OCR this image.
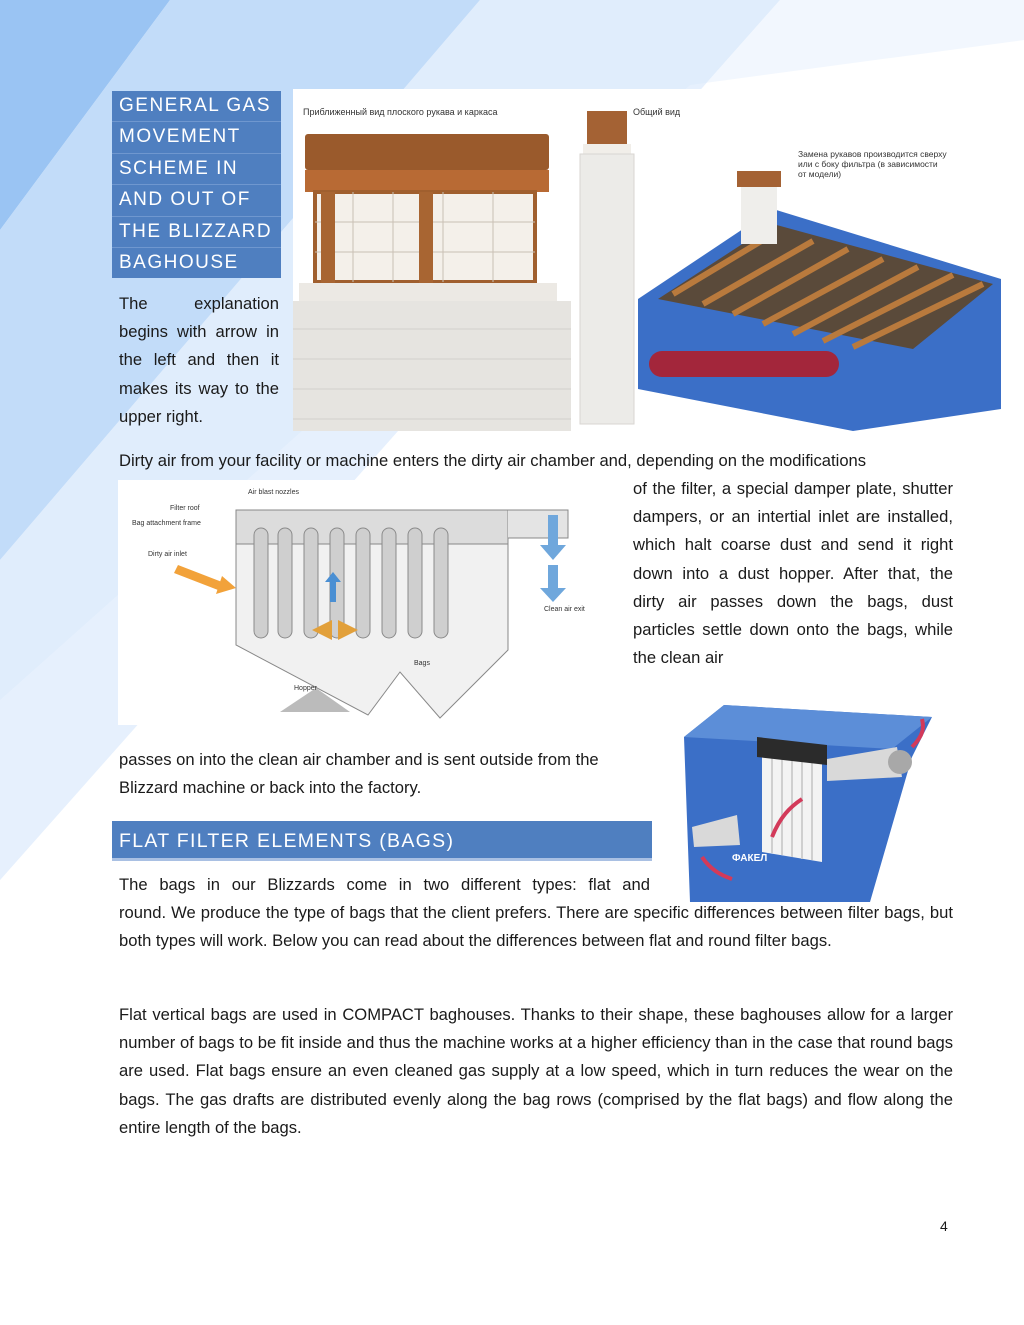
GENERAL GAS
MOVEMENT
SCHEME IN
AND OUT OF
THE BLIZZARD
BAGHOUSE
The explanation begins with arrow in the left and then it makes its way to the upper right.
Приближенный вид плоского рукава и каркаса	Общий вид
Замена рукавов производится сверху или с боку фильтра (в зависимости от модели)
Dirty air from your facility or machine enters the dirty air chamber and, depending on the modifications
Air blast nozzles
Filter roof
Bag attachment frame
Dirty air inlet
Clean air exit
Bags
Hopper
of the filter, a special damper plate, shutter dampers, or an intertial inlet are installed, which halt coarse dust and send it right down into a dust hopper. After that, the dirty air passes down the bags, dust particles settle down onto the bags, while the clean air
passes on into the clean air chamber and is sent outside from the Blizzard machine or back into the factory.
ФАКЕЛ
FLAT FILTER ELEMENTS (BAGS)
The bags in our Blizzards come in two different types: flat and
round. We produce the type of bags that the client prefers. There are specific differences between filter bags, but both types will work. Below you can read about the differences between flat and round filter bags.
Flat vertical bags are used in COMPACT baghouses. Thanks to their shape, these baghouses allow for a larger number of bags to be fit inside and thus the machine works at a higher efficiency than in the case that round bags are used. Flat bags ensure an even cleaned gas supply at a low speed, which in turn reduces the wear on the bags. The gas drafts are distributed evenly along the bag rows (comprised by the flat bags) and flow along the entire length of the bags.
4
